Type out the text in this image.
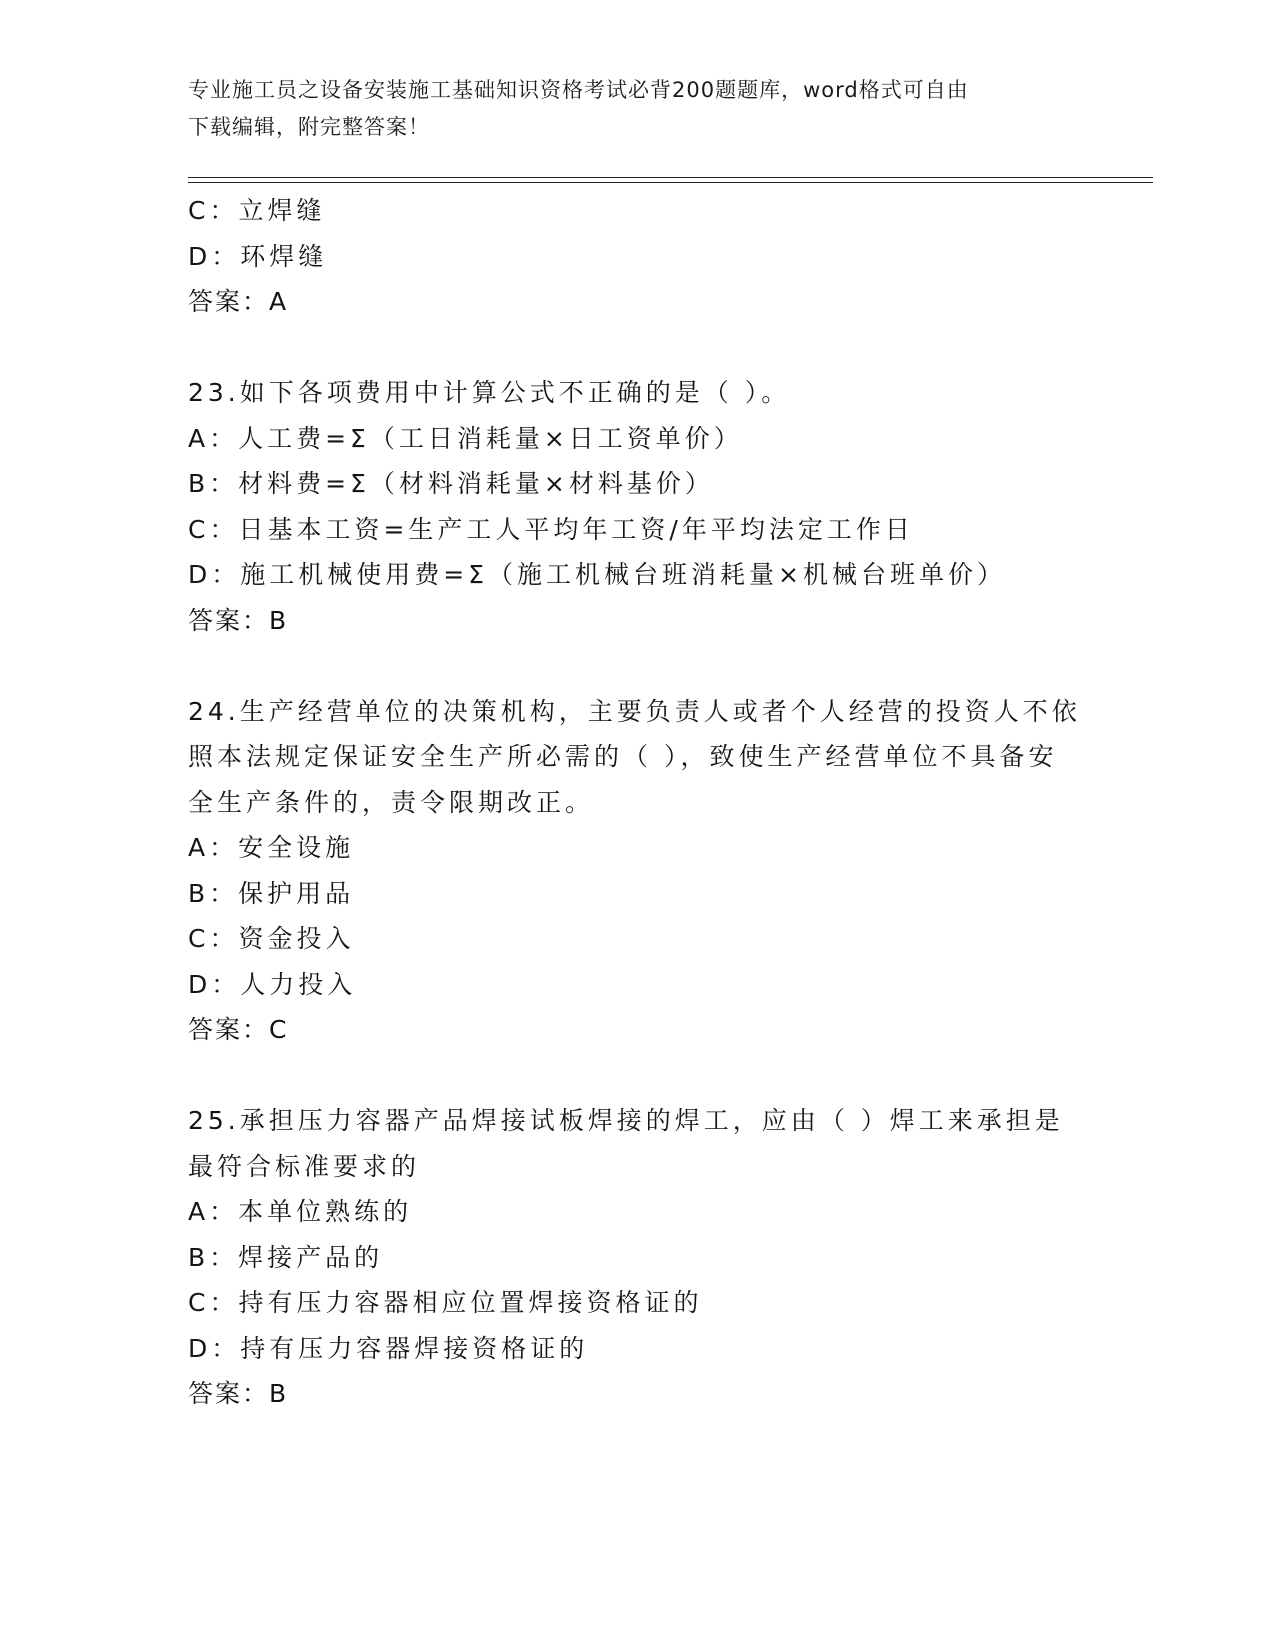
专业施工员之设备安装施工基础知识资格考试必背200题题库，word格式可自由
下载编辑，附完整答案！
C：立焊缝
D：环焊缝
答案：A
23.如下各项费用中计算公式不正确的是（ ）。
A：人工费=Σ（工日消耗量×日工资单价）
B：材料费=Σ（材料消耗量×材料基价）
C：日基本工资=生产工人平均年工资/年平均法定工作日
D：施工机械使用费=Σ（施工机械台班消耗量×机械台班单价）
答案：B
24.生产经营单位的决策机构，主要负责人或者个人经营的投资人不依
照本法规定保证安全生产所必需的（ ），致使生产经营单位不具备安
全生产条件的，责令限期改正。
A：安全设施
B：保护用品
C：资金投入
D：人力投入
答案：C
25.承担压力容器产品焊接试板焊接的焊工，应由（ ）焊工来承担是
最符合标准要求的
A：本单位熟练的
B：焊接产品的
C：持有压力容器相应位置焊接资格证的
D：持有压力容器焊接资格证的
答案：B
